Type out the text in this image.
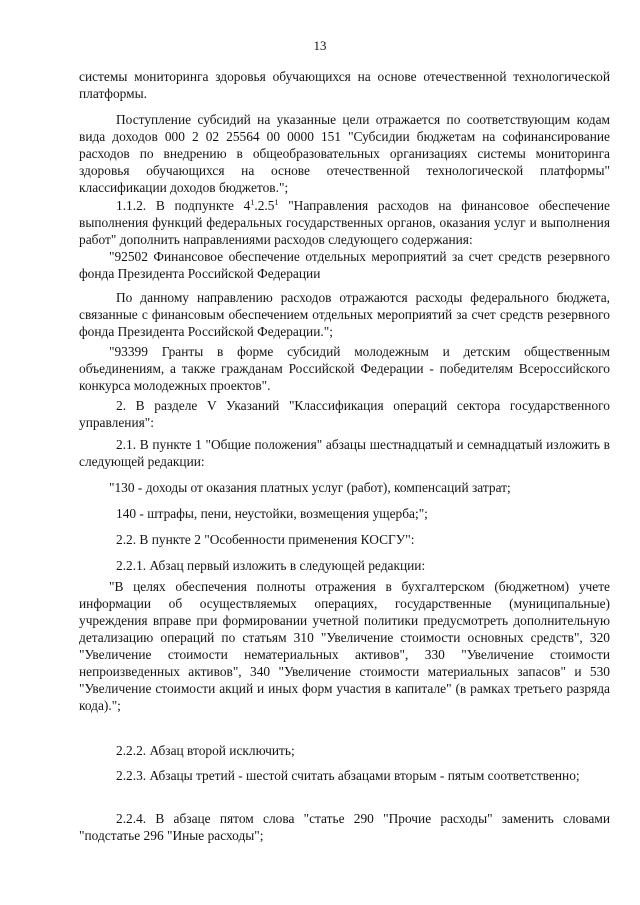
13

системы мониторинга здоровья обучающихся на основе отечественной технологической платформы.

Поступление субсидий на указанные цели отражается по соответствующим кодам вида доходов 000 2 02 25564 00 0000 151 "Субсидии бюджетам на софинансирование расходов по внедрению в общеобразовательных организациях системы мониторинга здоровья обучающихся на основе отечественной технологической платформы" классификации доходов бюджетов.";

1.1.2. В подпункте $4^1.2.5^1$ "Направления расходов на финансовое обеспечение выполнения функций федеральных государственных органов, оказания услуг и выполнения работ" дополнить направлениями расходов следующего содержания:

"92502 Финансовое обеспечение отдельных мероприятий за счет средств резервного фонда Президента Российской Федерации

По данному направлению расходов отражаются расходы федерального бюджета, связанные с финансовым обеспечением отдельных мероприятий за счет средств резервного фонда Президента Российской Федерации.";

"93399 Гранты в форме субсидий молодежным и детским общественным объединениям, а также гражданам Российской Федерации - победителям Всероссийского конкурса молодежных проектов".

2. В разделе V Указаний "Классификация операций сектора государственного управления":

2.1. В пункте 1 "Общие положения" абзацы шестнадцатый и семнадцатый изложить в следующей редакции:

"130 - доходы от оказания платных услуг (работ), компенсаций затрат;

140 - штрафы, пени, неустойки, возмещения ущерба;";

2.2. В пункте 2 "Особенности применения КОСГУ":

2.2.1. Абзац первый изложить в следующей редакции:

"В целях обеспечения полноты отражения в бухгалтерском (бюджетном) учете информации об осуществляемых операциях, государственные (муниципальные) учреждения вправе при формировании учетной политики предусмотреть дополнительную детализацию операций по статьям 310 "Увеличение стоимости основных средств", 320 "Увеличение стоимости нематериальных активов", 330 "Увеличение стоимости непроизведенных активов", 340 "Увеличение стоимости материальных запасов" и 530 "Увеличение стоимости акций и иных форм участия в капитале" (в рамках третьего разряда кода).";

2.2.2. Абзац второй исключить;

2.2.3. Абзацы третий - шестой считать абзацами вторым - пятым соответственно;

2.2.4. В абзаце пятом слова "статье 290 "Прочие расходы" заменить словами "подстатье 296 "Иные расходы";
